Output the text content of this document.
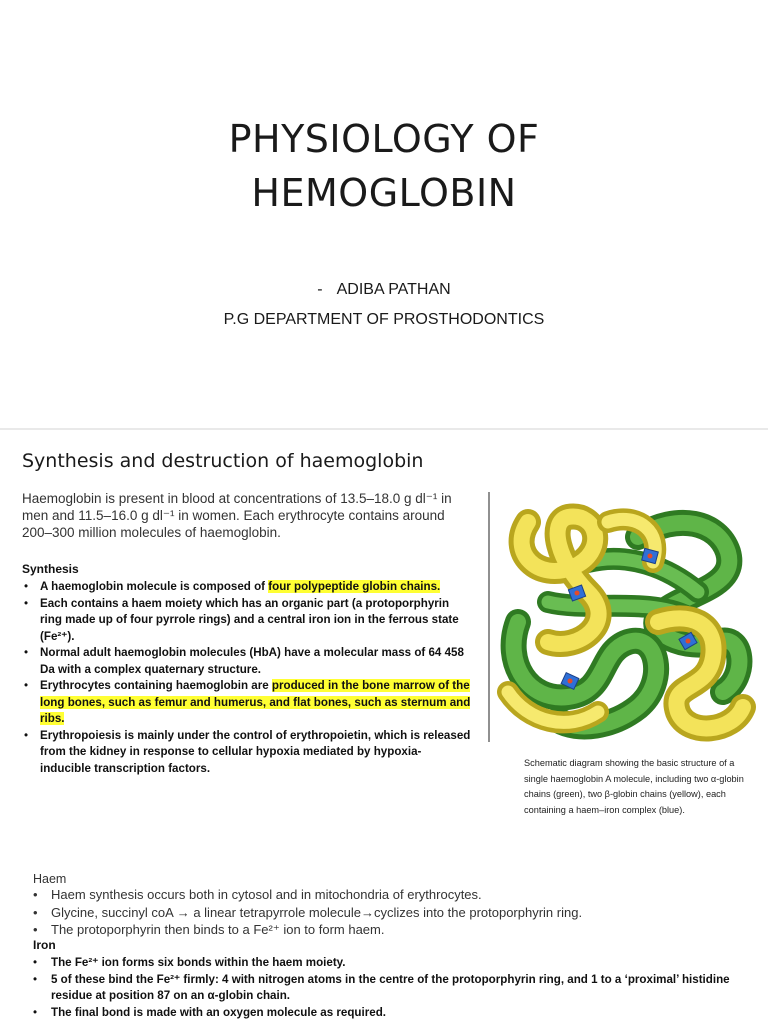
PHYSIOLOGY OF
HEMOGLOBIN
- ADIBA PATHAN
P.G DEPARTMENT OF PROSTHODONTICS
Synthesis and destruction of haemoglobin
Haemoglobin is present in blood at concentrations of 13.5–18.0 g dl⁻¹ in men and 11.5–16.0 g dl⁻¹ in women. Each erythrocyte contains around 200–300 million molecules of haemoglobin.
Synthesis
• A haemoglobin molecule is composed of four polypeptide globin chains.
• Each contains a haem moiety which has an organic part (a protoporphyrin ring made up of four pyrrole rings) and a central iron ion in the ferrous state (Fe²⁺).
• Normal adult haemoglobin molecules (HbA) have a molecular mass of 64 458 Da with a complex quaternary structure.
• Erythrocytes containing haemoglobin are produced in the bone marrow of the long bones, such as femur and humerus, and flat bones, such as sternum and ribs.
• Erythropoiesis is mainly under the control of erythropoietin, which is released from the kidney in response to cellular hypoxia mediated by hypoxia-inducible transcription factors.	Schematic diagram showing the basic structure of a single haemoglobin A molecule, including two α-globin chains (green), two β-globin chains (yellow), each containing a haem–iron complex (blue).
Haem
• Haem synthesis occurs both in cytosol and in mitochondria of erythrocytes.
• Glycine, succinyl coA → a linear tetrapyrrole molecule→cyclizes into the protoporphyrin ring.
• The protoporphyrin then binds to a Fe²⁺ ion to form haem.
Iron
• The Fe²⁺ ion forms six bonds within the haem moiety.
• 5 of these bind the Fe²⁺ firmly: 4 with nitrogen atoms in the centre of the protoporphyrin ring, and 1 to a ‘proximal’ histidine residue at position 87 on an α-globin chain.
• The final bond is made with an oxygen molecule as required.
